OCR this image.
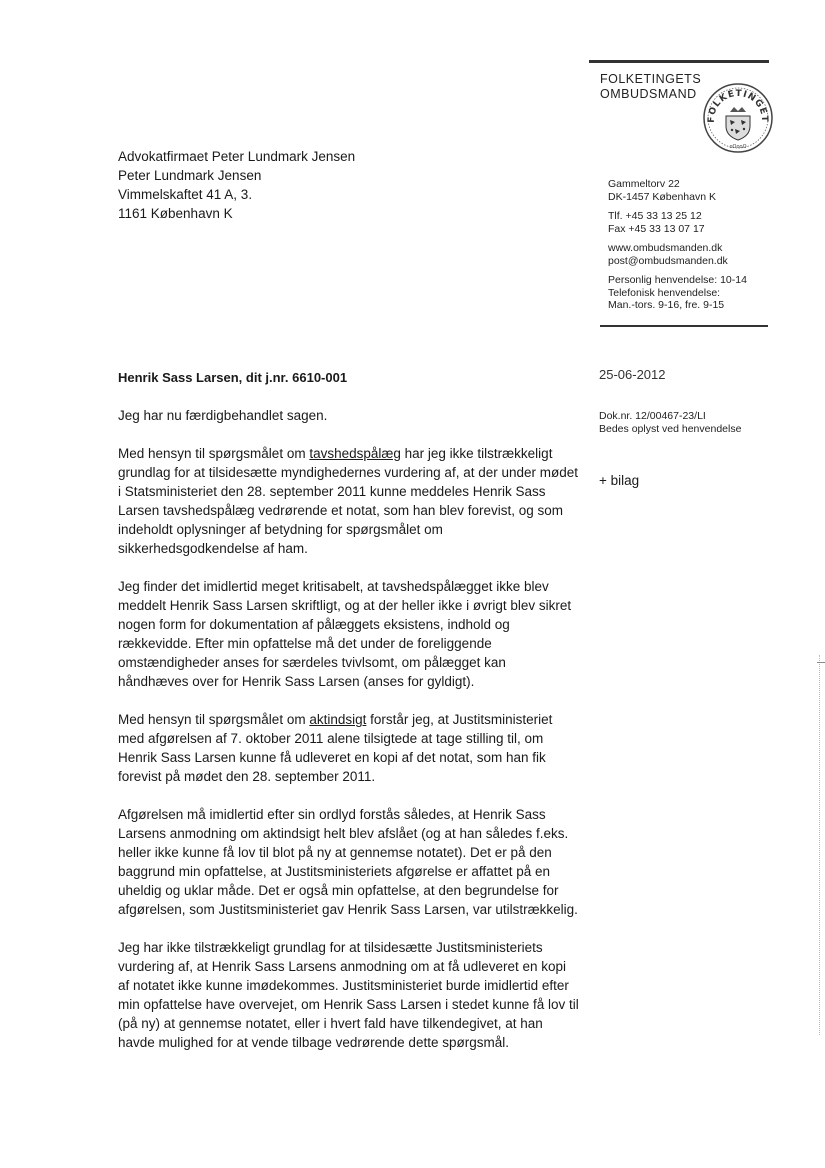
FOLKETINGETS
OMBUDSMAND
FOLKETINGET
oOooO
Advokatfirmaet Peter Lundmark Jensen
Peter Lundmark Jensen
Vimmelskaftet 41 A, 3.
1161 København K
Gammeltorv 22
DK-1457 København K
Tlf. +45 33 13 25 12
Fax +45 33 13 07 17
www.ombudsmanden.dk
post@ombudsmanden.dk
Personlig henvendelse: 10-14
Telefonisk henvendelse:
Man.-tors. 9-16, fre. 9-15
25-06-2012
Dok.nr. 12/00467-23/LI
Bedes oplyst ved henvendelse
+ bilag
Henrik Sass Larsen, dit j.nr. 6610-001

Jeg har nu færdigbehandlet sagen.

Med hensyn til spørgsmålet om tavshedspålæg har jeg ikke tilstrækkeligt grundlag for at tilsidesætte myndighedernes vurdering af, at der under mødet i Statsministeriet den 28. september 2011 kunne meddeles Henrik Sass Larsen tavshedspålæg vedrørende et notat, som han blev forevist, og som indeholdt oplysninger af betydning for spørgsmålet om sikkerhedsgodkendelse af ham.

Jeg finder det imidlertid meget kritisabelt, at tavshedspålægget ikke blev meddelt Henrik Sass Larsen skriftligt, og at der heller ikke i øvrigt blev sikret nogen form for dokumentation af pålæggets eksistens, indhold og rækkevidde. Efter min opfattelse må det under de foreliggende omstændigheder anses for særdeles tvivlsomt, om pålægget kan håndhæves over for Henrik Sass Larsen (anses for gyldigt).

Med hensyn til spørgsmålet om aktindsigt forstår jeg, at Justitsministeriet med afgørelsen af 7. oktober 2011 alene tilsigtede at tage stilling til, om Henrik Sass Larsen kunne få udleveret en kopi af det notat, som han fik forevist på mødet den 28. september 2011.

Afgørelsen må imidlertid efter sin ordlyd forstås således, at Henrik Sass Larsens anmodning om aktindsigt helt blev afslået (og at han således f.eks. heller ikke kunne få lov til blot på ny at gennemse notatet). Det er på den baggrund min opfattelse, at Justitsministeriets afgørelse er affattet på en uheldig og uklar måde. Det er også min opfattelse, at den begrundelse for afgørelsen, som Justitsministeriet gav Henrik Sass Larsen, var utilstrækkelig.

Jeg har ikke tilstrækkeligt grundlag for at tilsidesætte Justitsministeriets vurdering af, at Henrik Sass Larsens anmodning om at få udleveret en kopi af notatet ikke kunne imødekommes. Justitsministeriet burde imidlertid efter min opfattelse have overvejet, om Henrik Sass Larsen i stedet kunne få lov til (på ny) at gennemse notatet, eller i hvert fald have tilkendegivet, at han havde mulighed for at vende tilbage vedrørende dette spørgsmål.
